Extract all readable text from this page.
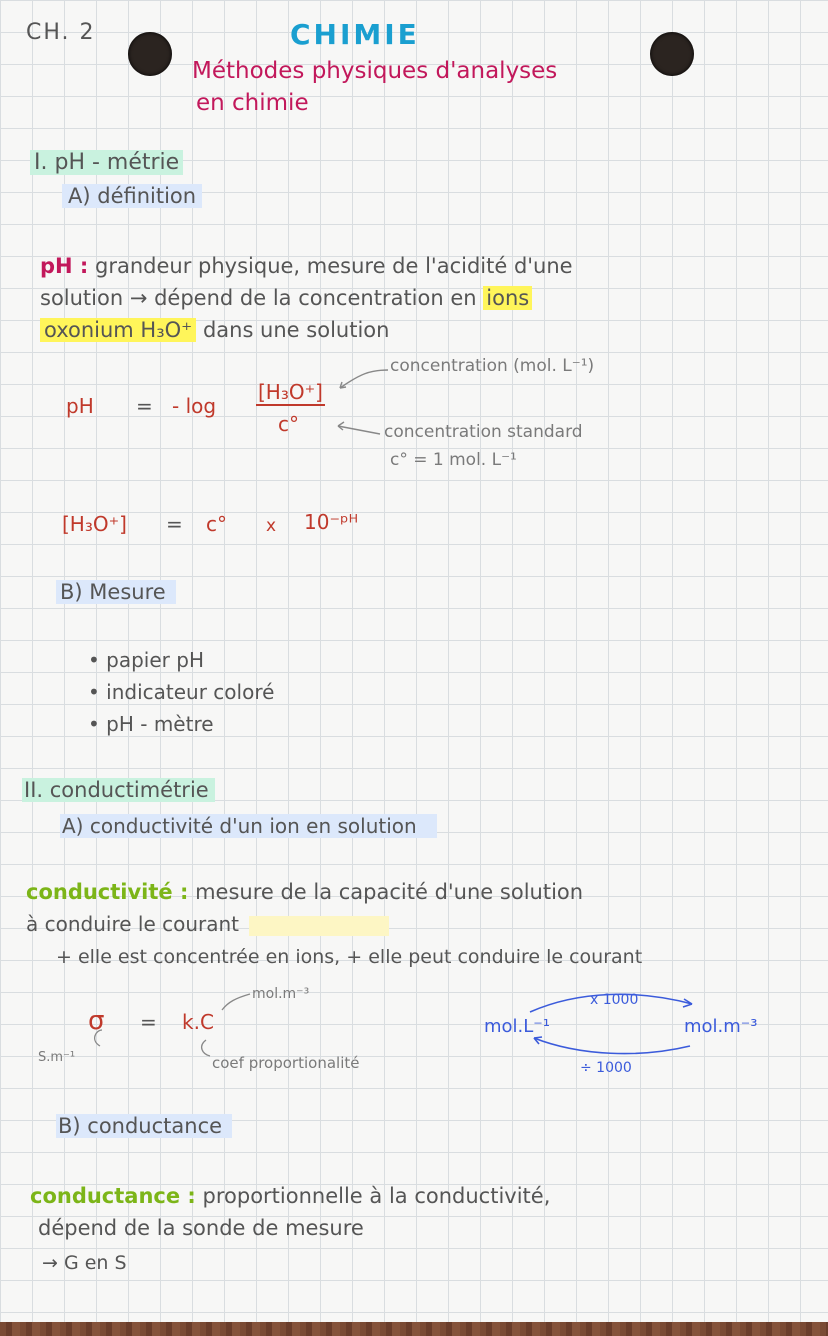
CH. 2	CHIMIE
Méthodes physiques d'analyses
en chimie
I. pH - métrie
A) définition
pH : grandeur physique, mesure de l'acidité d'une
solution → dépend de la concentration en ions
oxonium H₃O⁺ dans une solution
pH = - log
[H₃O⁺]
c°
concentration (mol. L⁻¹)
concentration standard
c° = 1 mol. L⁻¹
[H₃O⁺] = c° x 10⁻ᵖᴴ
B) Mesure
• papier pH
• indicateur coloré
• pH - mètre
II. conductimétrie
A) conductivité d'un ion en solution
conductivité : mesure de la capacité d'une solution
à conduire le courant
+ elle est concentrée en ions, + elle peut conduire le courant
σ = k.C
S.m⁻¹
mol.m⁻³
coef proportionalité
mol.L⁻¹	mol.m⁻³
x 1000
÷ 1000
B) conductance
conductance : proportionnelle à la conductivité,
dépend de la sonde de mesure
→ G en S
